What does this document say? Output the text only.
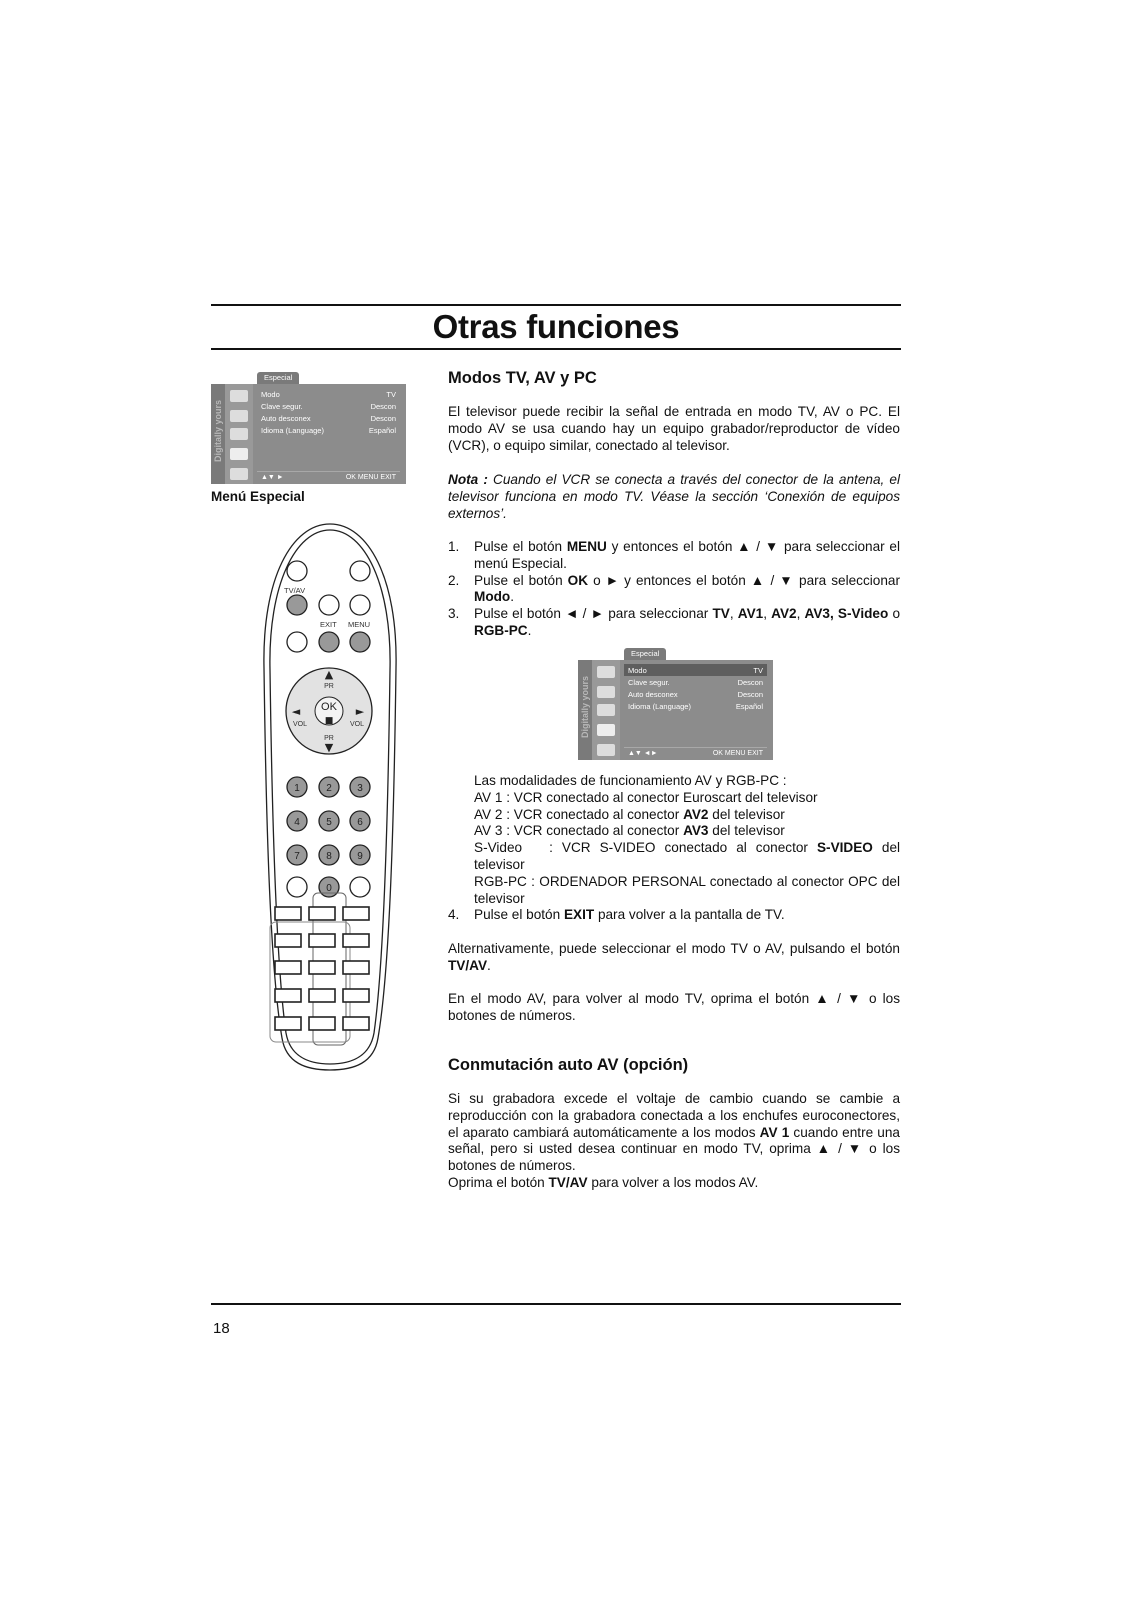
Otras funciones
Especial
Digitally yours
Modo	TV
Clave segur.	Descon
Auto desconex	Descon
Idioma (Language)	Español
▲▼ ►	OK MENU EXIT
Menú Especial
TV/AV
EXIT MENU
OK
■
▲
PR
PR
▼
◄
VOL
►
VOL
1	2	3
4	5	6
7	8	9
0
Modos TV, AV y PC

El televisor puede recibir la señal de entrada en modo TV, AV o PC. El modo AV se usa cuando hay un equipo grabador/reproductor de vídeo (VCR), o equipo similar, conectado al televisor.

Nota : Cuando el VCR se conecta a través del conector de la antena, el televisor funciona en modo TV. Véase la sección ‘Conexión de equipos externos’.

1. Pulse el botón MENU y entonces el botón ▲ / ▼ para seleccionar el menú Especial.
2. Pulse el botón OK o ► y entonces el botón ▲ / ▼ para seleccionar Modo.
3. Pulse el botón ◄ / ► para seleccionar TV, AV1, AV2, AV3, S-Video o RGB-PC.
Especial
Digitally yours
Modo	TV
Clave segur.	Descon
Auto desconex	Descon
Idioma (Language)	Español
▲▼ ◄►	OK MENU EXIT
Las modalidades de funcionamiento AV y RGB-PC :
AV 1 : VCR conectado al conector Euroscart del televisor
AV 2 : VCR conectado al conector AV2 del televisor
AV 3 : VCR conectado al conector AV3 del televisor
S-Video   : VCR S-VIDEO conectado al conector S-VIDEO del televisor
RGB-PC : ORDENADOR PERSONAL conectado al conector OPC del televisor
4. Pulse el botón EXIT para volver a la pantalla de TV.

Alternativamente, puede seleccionar el modo TV o AV, pulsando el botón TV/AV.

En el modo AV, para volver al modo TV, oprima el botón ▲ / ▼ o los botones de números.

Conmutación auto AV (opción)

Si su grabadora excede el voltaje de cambio cuando se cambie a reproducción con la grabadora conectada a los enchufes euroconectores, el aparato cambiará automáticamente a los modos AV 1 cuando entre una señal, pero si usted desea continuar en modo TV, oprima ▲ / ▼ o los botones de números.

Oprima el botón TV/AV para volver a los modos AV.

18
